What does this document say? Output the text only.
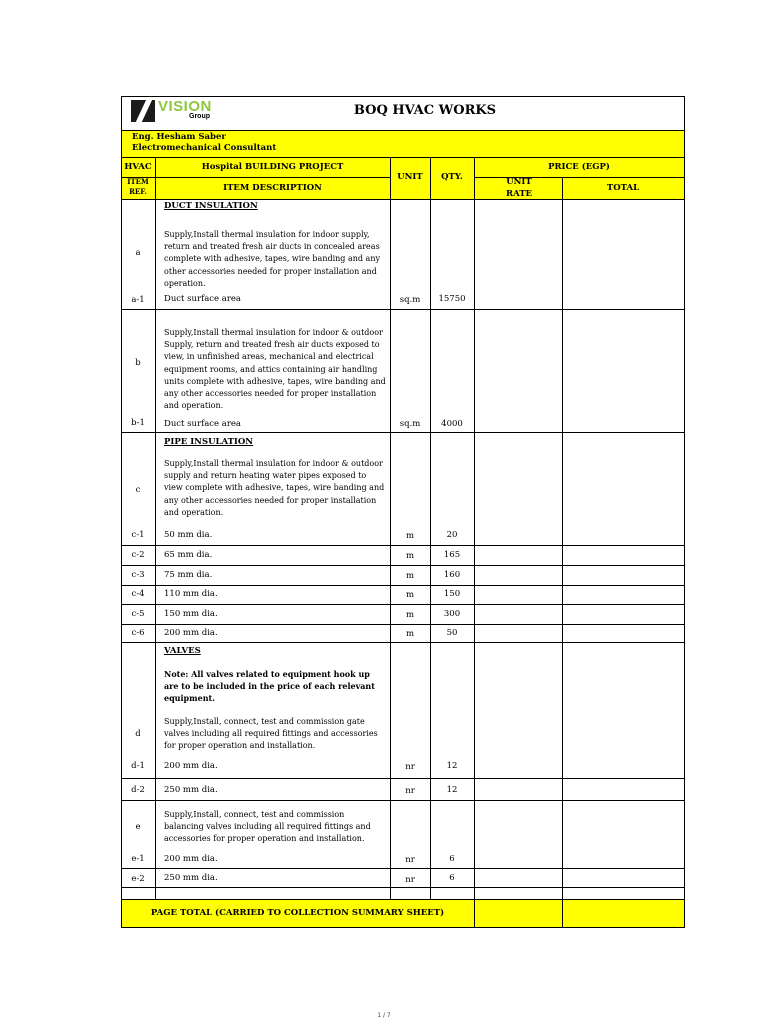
VISION
Group	BOQ HVAC WORKS
Eng. Hesham Saber
Electromechanical Consultant
HVAC	Hospital BUILDING PROJECT
UNIT	QTY.
PRICE (EGP)
ITEM REF.	ITEM DESCRIPTION
UNIT RATE
TOTAL
DUCT INSULATION
a
Supply,Install thermal insulation for indoor supply, return and treated fresh air ducts in concealed areas complete with adhesive, tapes, wire banding and any other accessories needed for proper installation and operation.
a-1	Duct surface area	sq.m	15750
b
Supply,Install thermal insulation for indoor & outdoor Supply, return and treated fresh air ducts exposed to view, in unfinished areas, mechanical and electrical equipment rooms, and attics containing air handling units complete with adhesive, tapes, wire banding and any other accessories needed for proper installation and operation.
b-1	Duct surface area	sq.m	4000
PIPE INSULATION
c
Supply,Install thermal insulation for indoor & outdoor supply and return heating water pipes exposed to view complete with adhesive, tapes, wire banding and any other accessories needed for proper installation and operation.
c-1	50 mm dia.	m	20
c-2	65 mm dia.	m	165
c-3	75 mm dia.	m	160
c-4	110 mm dia.	m	150
c-5	150 mm dia.	m	300
c-6	200 mm dia.	m	50
VALVES
Note: All valves related to equipment hook up are to be included in the price of each relevant equipment.
d
Supply,Install, connect, test and commission gate valves including all required fittings and accessories for proper operation and installation.
d-1	200 mm dia.	nr	12
d-2	250 mm dia.	nr	12
e
Supply,Install, connect, test and commission balancing valves including all required fittings and accessories for proper operation and installation.
e-1	200 mm dia.	nr	6
e-2	250 mm dia.	nr	6
PAGE TOTAL (CARRIED TO COLLECTION SUMMARY SHEET)
1 / 7
